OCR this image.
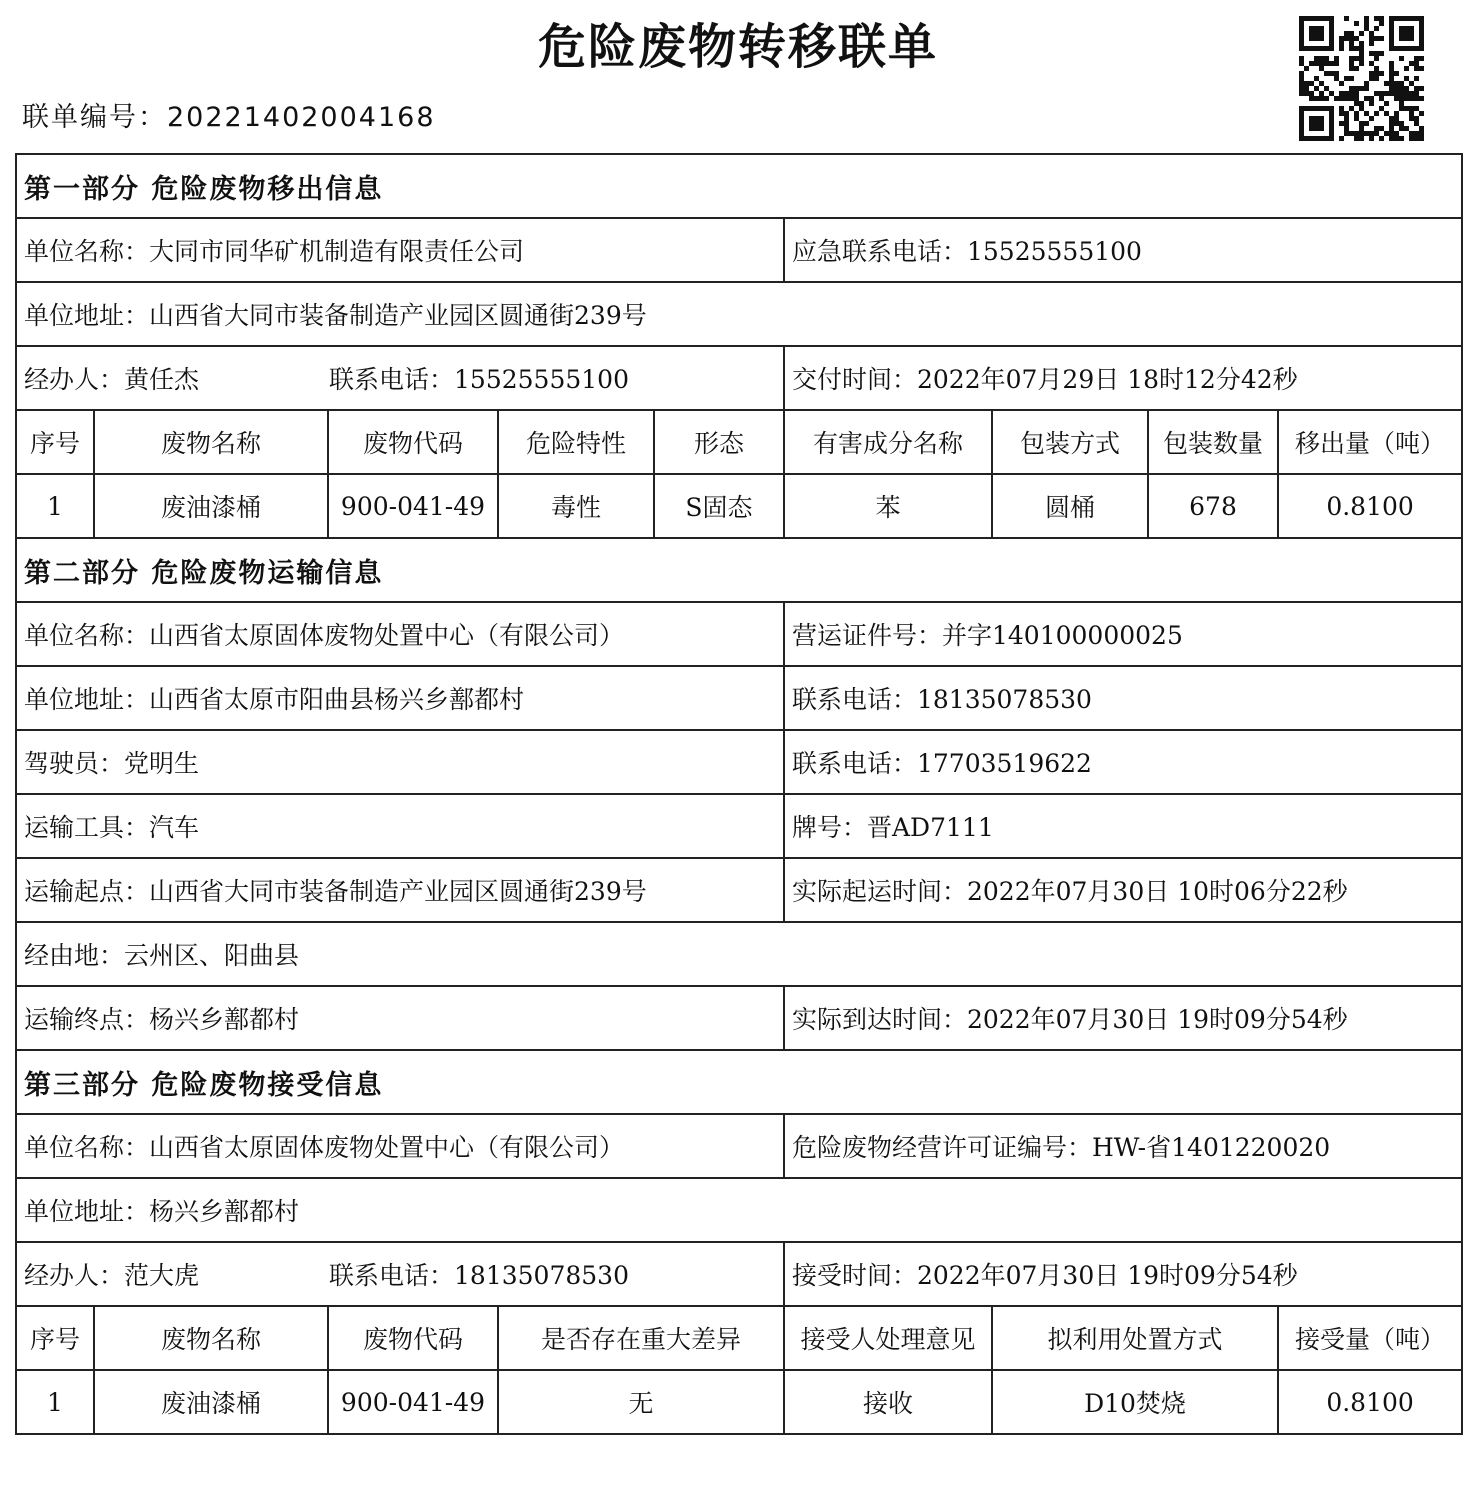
危险废物转移联单
联单编号：20221402004168
第一部分 危险废物移出信息								
单位名称：大同市同华矿机制造有限责任公司					应急联系电话：15525555100			
单位地址：山西省大同市装备制造产业园区圆通街239号								
经办人：黄任杰 联系电话：15525555100					交付时间：2022年07月29日 18时12分42秒			
序号	废物名称	废物代码	危险特性	形态	有害成分名称	包装方式	包装数量	移出量（吨）
1	废油漆桶	900-041-49	毒性	S固态	苯	圆桶	678	0.8100
第二部分 危险废物运输信息								
单位名称：山西省太原固体废物处置中心（有限公司）					营运证件号：并字140100000025			
单位地址：山西省太原市阳曲县杨兴乡鄯都村					联系电话：18135078530			
驾驶员：党明生					联系电话：17703519622			
运输工具：汽车					牌号：晋AD7111			
运输起点：山西省大同市装备制造产业园区圆通街239号					实际起运时间：2022年07月30日 10时06分22秒			
经由地：云州区、阳曲县								
运输终点：杨兴乡鄯都村					实际到达时间：2022年07月30日 19时09分54秒			
第三部分 危险废物接受信息								
单位名称：山西省太原固体废物处置中心（有限公司）					危险废物经营许可证编号：HW-省1401220020			
单位地址：杨兴乡鄯都村								
经办人：范大虎 联系电话：18135078530					接受时间：2022年07月30日 19时09分54秒			
序号	废物名称	废物代码	是否存在重大差异		接受人处理意见	拟利用处置方式		接受量（吨）
1	废油漆桶	900-041-49	无		接收	D10焚烧		0.8100
